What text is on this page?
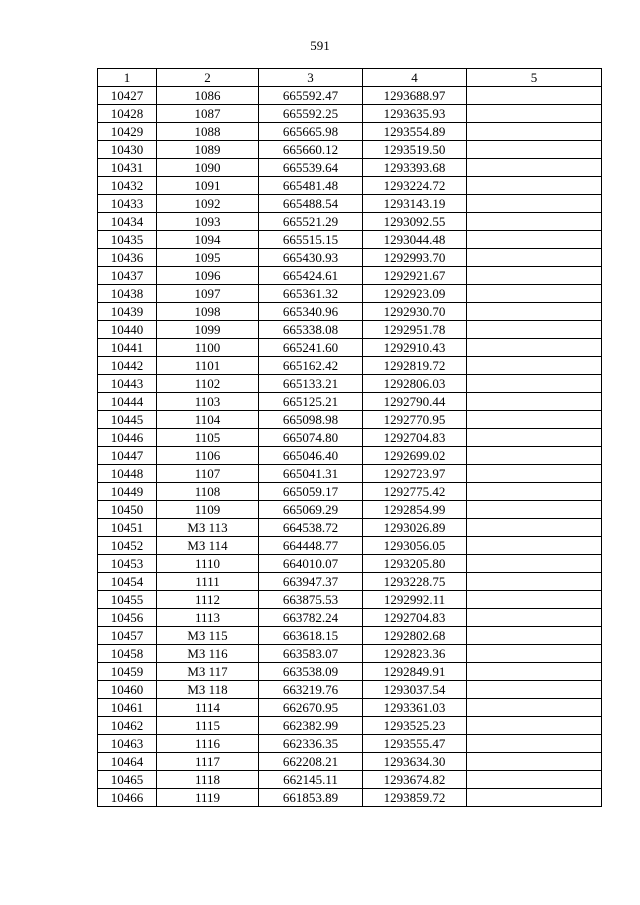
591
1	2	3	4	5
10427	1086	665592.47	1293688.97	
10428	1087	665592.25	1293635.93	
10429	1088	665665.98	1293554.89	
10430	1089	665660.12	1293519.50	
10431	1090	665539.64	1293393.68	
10432	1091	665481.48	1293224.72	
10433	1092	665488.54	1293143.19	
10434	1093	665521.29	1293092.55	
10435	1094	665515.15	1293044.48	
10436	1095	665430.93	1292993.70	
10437	1096	665424.61	1292921.67	
10438	1097	665361.32	1292923.09	
10439	1098	665340.96	1292930.70	
10440	1099	665338.08	1292951.78	
10441	1100	665241.60	1292910.43	
10442	1101	665162.42	1292819.72	
10443	1102	665133.21	1292806.03	
10444	1103	665125.21	1292790.44	
10445	1104	665098.98	1292770.95	
10446	1105	665074.80	1292704.83	
10447	1106	665046.40	1292699.02	
10448	1107	665041.31	1292723.97	
10449	1108	665059.17	1292775.42	
10450	1109	665069.29	1292854.99	
10451	МЗ 113	664538.72	1293026.89	
10452	МЗ 114	664448.77	1293056.05	
10453	1110	664010.07	1293205.80	
10454	1111	663947.37	1293228.75	
10455	1112	663875.53	1292992.11	
10456	1113	663782.24	1292704.83	
10457	МЗ 115	663618.15	1292802.68	
10458	МЗ 116	663583.07	1292823.36	
10459	МЗ 117	663538.09	1292849.91	
10460	МЗ 118	663219.76	1293037.54	
10461	1114	662670.95	1293361.03	
10462	1115	662382.99	1293525.23	
10463	1116	662336.35	1293555.47	
10464	1117	662208.21	1293634.30	
10465	1118	662145.11	1293674.82	
10466	1119	661853.89	1293859.72	
